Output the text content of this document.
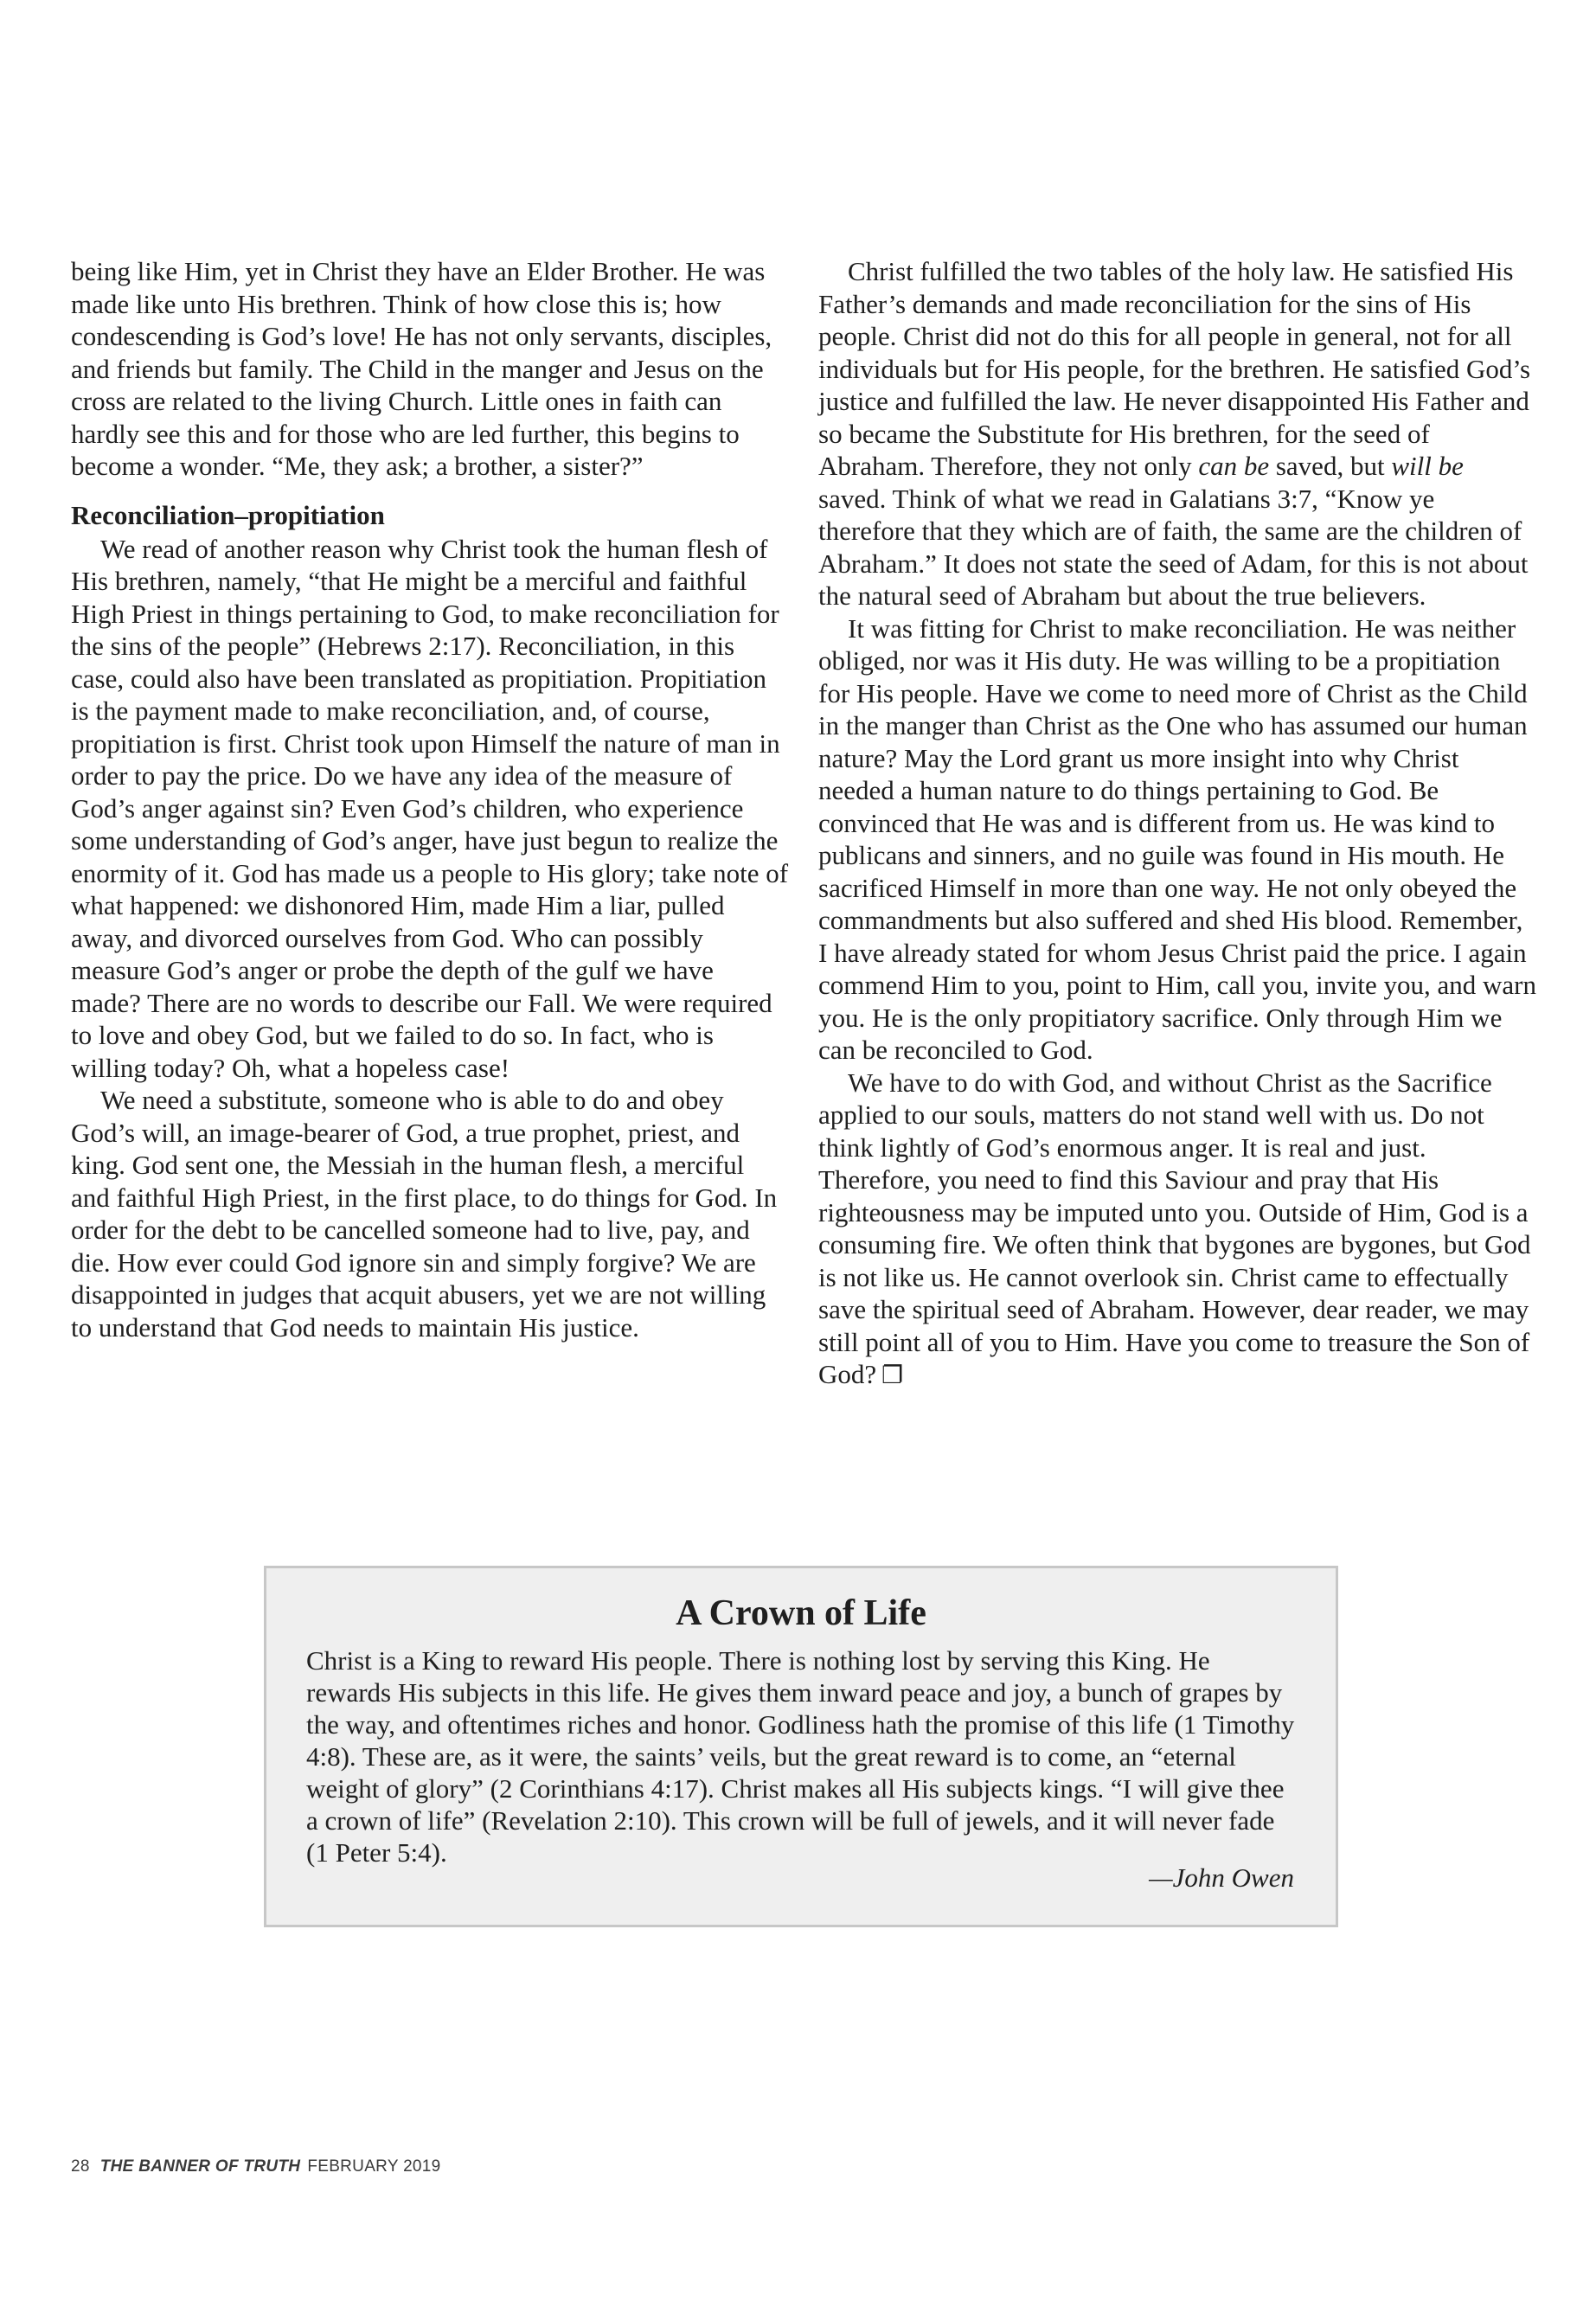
being like Him, yet in Christ they have an Elder Brother. He was made like unto His brethren. Think of how close this is; how condescending is God’s love! He has not only servants, disciples, and friends but family. The Child in the manger and Jesus on the cross are related to the living Church. Little ones in faith can hardly see this and for those who are led further, this begins to become a wonder. “Me, they ask; a brother, a sister?”

Reconciliation–propitiation

We read of another reason why Christ took the human flesh of His brethren, namely, “that He might be a merciful and faithful High Priest in things pertaining to God, to make reconciliation for the sins of the people” (Hebrews 2:17). Reconciliation, in this case, could also have been translated as propitiation. Propitiation is the payment made to make reconciliation, and, of course, propitiation is first. Christ took upon Himself the nature of man in order to pay the price. Do we have any idea of the measure of God’s anger against sin? Even God’s children, who experience some understanding of God’s anger, have just begun to realize the enormity of it. God has made us a people to His glory; take note of what happened: we dishonored Him, made Him a liar, pulled away, and divorced ourselves from God. Who can possibly measure God’s anger or probe the depth of the gulf we have made? There are no words to describe our Fall. We were required to love and obey God, but we failed to do so. In fact, who is willing today? Oh, what a hopeless case!

We need a substitute, someone who is able to do and obey God’s will, an image-bearer of God, a true prophet, priest, and king. God sent one, the Messiah in the human flesh, a merciful and faithful High Priest, in the first place, to do things for God. In order for the debt to be cancelled someone had to live, pay, and die. How ever could God ignore sin and simply forgive? We are disappointed in judges that acquit abusers, yet we are not willing to understand that God needs to maintain His justice.

Christ fulfilled the two tables of the holy law. He satisfied His Father’s demands and made reconciliation for the sins of His people. Christ did not do this for all people in general, not for all individuals but for His people, for the brethren. He satisfied God’s justice and fulfilled the law. He never disappointed His Father and so became the Substitute for His brethren, for the seed of Abraham. Therefore, they not only can be saved, but will be saved. Think of what we read in Galatians 3:7, “Know ye therefore that they which are of faith, the same are the children of Abraham.” It does not state the seed of Adam, for this is not about the natural seed of Abraham but about the true believers.

It was fitting for Christ to make reconciliation. He was neither obliged, nor was it His duty. He was willing to be a propitiation for His people. Have we come to need more of Christ as the Child in the manger than Christ as the One who has assumed our human nature? May the Lord grant us more insight into why Christ needed a human nature to do things pertaining to God. Be convinced that He was and is different from us. He was kind to publicans and sinners, and no guile was found in His mouth. He sacrificed Himself in more than one way. He not only obeyed the commandments but also suffered and shed His blood. Remember, I have already stated for whom Jesus Christ paid the price. I again commend Him to you, point to Him, call you, invite you, and warn you. He is the only propitiatory sacrifice. Only through Him we can be reconciled to God.

We have to do with God, and without Christ as the Sacrifice applied to our souls, matters do not stand well with us. Do not think lightly of God’s enormous anger. It is real and just. Therefore, you need to find this Saviour and pray that His righteousness may be imputed unto you. Outside of Him, God is a consuming fire. We often think that bygones are bygones, but God is not like us. He cannot overlook sin. Christ came to effectually save the spiritual seed of Abraham. However, dear reader, we may still point all of you to Him. Have you come to treasure the Son of God? ❐

A Crown of Life

Christ is a King to reward His people. There is nothing lost by serving this King. He rewards His subjects in this life. He gives them inward peace and joy, a bunch of grapes by the way, and oftentimes riches and honor. Godliness hath the promise of this life (1 Timothy 4:8). These are, as it were, the saints’ veils, but the great reward is to come, an “eternal weight of glory” (2 Corinthians 4:17). Christ makes all His subjects kings. “I will give thee a crown of life” (Revelation 2:10). This crown will be full of jewels, and it will never fade (1 Peter 5:4).

—John Owen

28 THE BANNER OF TRUTH FEBRUARY 2019
